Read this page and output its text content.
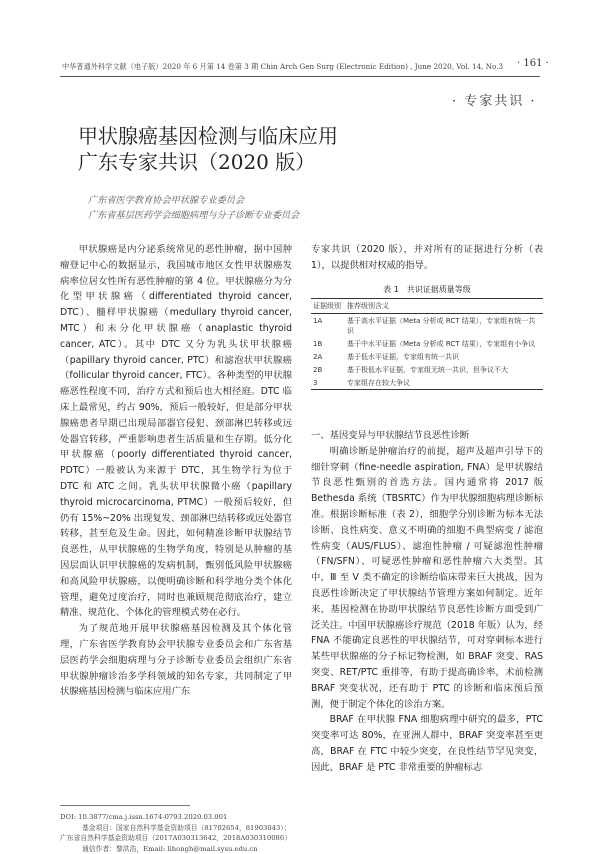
中华普通外科学文献（电子版）2020 年 6 月第 14 卷第 3 期 Chin Arch Gen Surg (Electronic Edition) , June 2020, Vol. 14, No.3 · 161 ·
· 专家共识 ·
甲状腺癌基因检测与临床应用
广东专家共识（2020 版）
广东省医学教育协会甲状腺专业委员会
广东省基层医药学会细胞病理与分子诊断专业委员会

甲状腺癌是内分泌系统常见的恶性肿瘤，据中国肿瘤登记中心的数据显示，我国城市地区女性甲状腺癌发病率位居女性所有恶性肿瘤的第 4 位。甲状腺癌分为分化型甲状腺癌（differentiated thyroid cancer, DTC）、髓样甲状腺癌（medullary thyroid cancer, MTC）和未分化甲状腺癌（anaplastic thyroid cancer, ATC）。其中 DTC 又分为乳头状甲状腺癌（papillary thyroid cancer, PTC）和滤泡状甲状腺癌（follicular thyroid cancer, FTC）。各种类型的甲状腺癌恶性程度不同，治疗方式和预后也大相径庭。DTC 临床上最常见，约占 90%，预后一般较好，但是部分甲状腺癌患者早期已出现局部器官侵犯、颈部淋巴转移或远处器官转移，严重影响患者生活质量和生存期。低分化甲状腺癌（poorly differentiated thyroid cancer, PDTC）一般被认为来源于 DTC，其生物学行为位于 DTC 和 ATC 之间。乳头状甲状腺微小癌（papillary thyroid microcarcinoma, PTMC）一般预后较好，但仍有 15%~20% 出现复发、颈部淋巴结转移或远处器官转移，甚至危及生命。因此，如何精准诊断甲状腺结节良恶性，从甲状腺癌的生物学角度，特别是从肿瘤的基因层面认识甲状腺癌的发病机制，甄别低风险甲状腺癌和高风险甲状腺癌，以便明确诊断和科学地分类个体化管理，避免过度治疗，同时也兼顾规范彻底治疗，建立精准、规范化、个体化的管理模式势在必行。

为了规范地开展甲状腺癌基因检测及其个体化管理，广东省医学教育协会甲状腺专业委员会和广东省基层医药学会细胞病理与分子诊断专业委员会组织广东省甲状腺肿瘤诊治多学科领域的知名专家，共同制定了甲状腺癌基因检测与临床应用广东

专家共识（2020 版），并对所有的证据进行分析（表 1），以提供相对权威的指导。

表 1　共识证据质量等级
证据级别	推荐级别含义
1A	基于高水平证据（Meta 分析或 RCT 结果），专家组有统一共识
1B	基于中水平证据（Meta 分析或 RCT 结果），专家组有小争议
2A	基于低水平证据，专家组有统一共识
2B	基于极低水平证据，专家组无统一共识，但争议不大
3	专家组存在较大争议

一、基因变异与甲状腺结节良恶性诊断

明确诊断是肿瘤治疗的前提，超声及超声引导下的细针穿刺（fine-needle aspiration, FNA）是甲状腺结节良恶性甄别的首选方法。国内通常将 2017 版 Bethesda 系统（TBSRTC）作为甲状腺细胞病理诊断标准。根据诊断标准（表 2），细胞学分别诊断为标本无法诊断、良性病变、意义不明确的细胞不典型病变 / 滤泡性病变（AUS/FLUS）、滤泡性肿瘤 / 可疑滤泡性肿瘤（FN/SFN）、可疑恶性肿瘤和恶性肿瘤六大类型。其中，Ⅲ 至 Ⅴ 类不确定的诊断给临床带来巨大挑战，因为良恶性诊断决定了甲状腺结节管理方案如何制定。近年来，基因检测在协助甲状腺结节良恶性诊断方面受到广泛关注。中国甲状腺癌诊疗规范（2018 年版）认为，经 FNA 不能确定良恶性的甲状腺结节，可对穿刺标本进行某些甲状腺癌的分子标记物检测，如 BRAF 突变、RAS 突变、RET/PTC 重排等，有助于提高确诊率，术前检测 BRAF 突变状况，还有助于 PTC 的诊断和临床预后预测，便于制定个体化的诊治方案。

BRAF 在甲状腺 FNA 细胞病理中研究的最多，PTC 突变率可达 80%，在亚洲人群中，BRAF 突变率甚至更高，BRAF 在 FTC 中较少突变，在良性结节罕见突变，因此，BRAF 是 PTC 非常重要的肿瘤标志

DOI: 10.3877/cma.j.issn.1674-0793.2020.03.001
基金项目：国家自然科学基金资助项目（81702654，81903043）；
广东省自然科学基金资助项目（2017A030313642，2018A030310086）
通信作者：黎洪浩，Email: lihongh@mail.sysu.edu.cn
